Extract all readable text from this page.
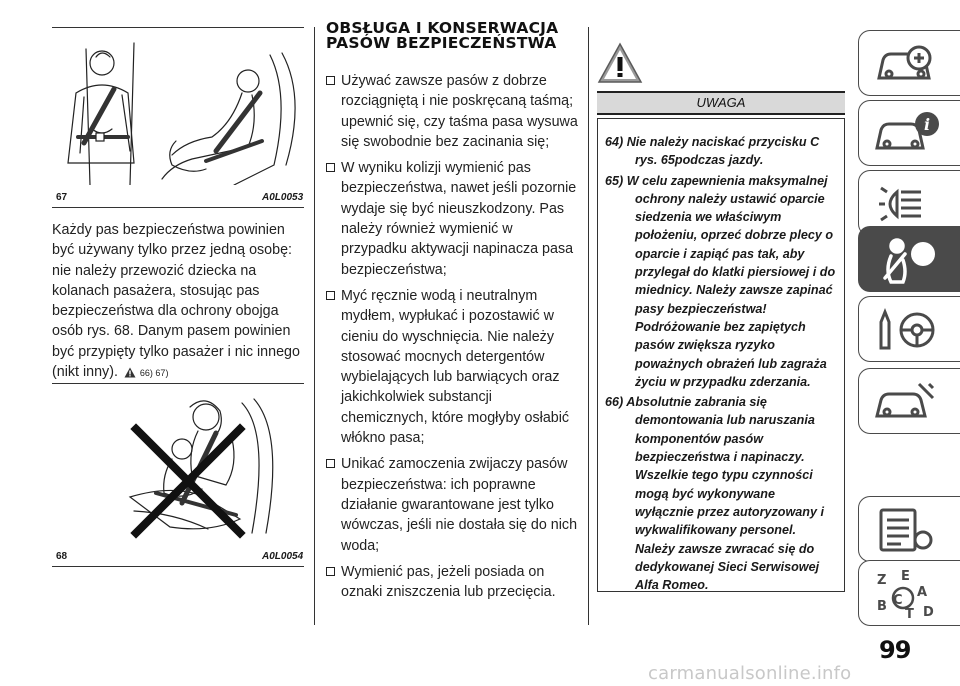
67	A0L0053
Każdy pas bezpieczeństwa powinien być używany tylko przez jedną osobę: nie należy przewozić dziecka na kolanach pasażera, stosując pas bezpieczeństwa dla ochrony obojga osób rys. 68. Danym pasem powinien być przypięty tylko pasażer i nic innego (nikt inny). 66) 67)
68	A0L0054
OBSŁUGA I KONSERWACJA PASÓW BEZPIECZEŃSTWA
Używać zawsze pasów z dobrze rozciągniętą i nie poskręcaną taśmą; upewnić się, czy taśma pasa wysuwa się swobodnie bez zacinania się;
W wyniku kolizji wymienić pas bezpieczeństwa, nawet jeśli pozornie wydaje się być nieuszkodzony. Pas należy również wymienić w przypadku aktywacji napinacza pasa bezpieczeństwa;
Myć ręcznie wodą i neutralnym mydłem, wypłukać i pozostawić w cieniu do wyschnięcia. Nie należy stosować mocnych detergentów wybielających lub barwiących oraz jakichkolwiek substancji chemicznych, które mogłyby osłabić włókno pasa;
Unikać zamoczenia zwijaczy pasów bezpieczeństwa: ich poprawne działanie gwarantowane jest tylko wówczas, jeśli nie dostała się do nich woda;
Wymienić pas, jeżeli posiada on oznaki zniszczenia lub przecięcia.
UWAGA
64) Nie należy naciskać przycisku C rys. 65podczas jazdy.
65) W celu zapewnienia maksymalnej ochrony należy ustawić oparcie siedzenia we właściwym położeniu, oprzeć dobrze plecy o oparcie i zapiąć pas tak, aby przylegał do klatki piersiowej i do miednicy. Należy zawsze zapinać pasy bezpieczeństwa! Podróżowanie bez zapiętych pasów zwiększa ryzyko poważnych obrażeń lub zagraża życiu w przypadku zderzania.
66) Absolutnie zabrania się demontowania lub naruszania komponentów pasów bezpieczeństwa i napinaczy. Wszelkie tego typu czynności mogą być wykonywane wyłącznie przez autoryzowany i wykwalifikowany personel. Należy zawsze zwracać się do dedykowanej Sieci Serwisowej Alfa Romeo.
i
Z E
A
B C
T D
99
carmanualsonline.info
